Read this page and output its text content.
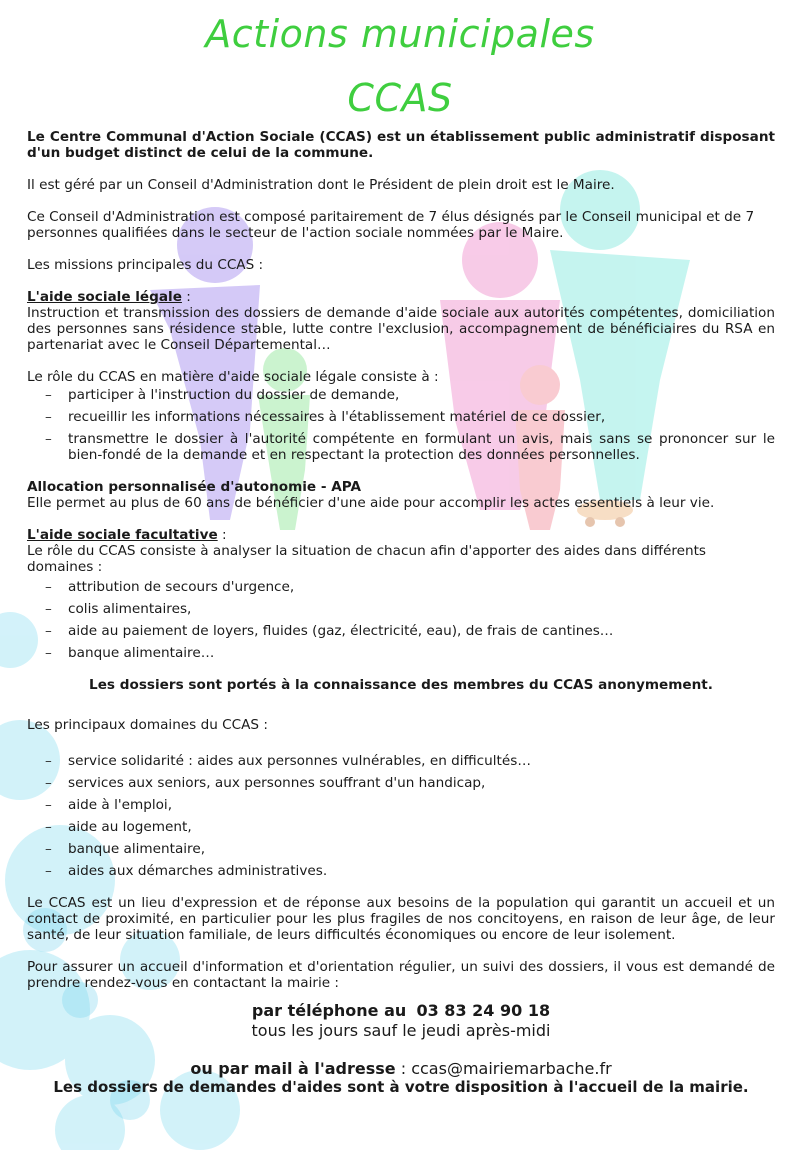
Actions municipales
CCAS

Le Centre Communal d'Action Sociale (CCAS) est un établissement public administratif disposant d'un budget distinct de celui de la commune.

Il est géré par un Conseil d'Administration dont le Président de plein droit est le Maire.

Ce Conseil d'Administration est composé paritairement de 7 élus désignés par le Conseil municipal et de 7 personnes qualifiées dans le secteur de l'action sociale nommées par le Maire.

Les missions principales du CCAS :

L'aide sociale légale :

Instruction et transmission des dossiers de demande d'aide sociale aux autorités compétentes, domiciliation des personnes sans résidence stable, lutte contre l'exclusion, accompagnement de bénéficiaires du RSA en partenariat avec le Conseil Départemental…

Le rôle du CCAS en matière d'aide sociale légale consiste à :
– participer à l'instruction du dossier de demande,
– recueillir les informations nécessaires à l'établissement matériel de ce dossier,
– transmettre le dossier à l'autorité compétente en formulant un avis, mais sans se prononcer sur le bien-fondé de la demande et en respectant la protection des données personnelles.
Allocation personnalisée d'autonomie - APA

Elle permet au plus de 60 ans de bénéficier d'une aide pour accomplir les actes essentiels à leur vie.

L'aide sociale facultative :
Le rôle du CCAS consiste à analyser la situation de chacun afin d'apporter des aides dans différents domaines :
– attribution de secours d'urgence,
– colis alimentaires,
– aide au paiement de loyers, fluides (gaz, électricité, eau), de frais de cantines…
– banque alimentaire…

Les dossiers sont portés à la connaissance des membres du CCAS anonymement.

Les principaux domaines du CCAS :
– service solidarité : aides aux personnes vulnérables, en difficultés…
– services aux seniors, aux personnes souffrant d'un handicap,
– aide à l'emploi,
– aide au logement,
– banque alimentaire,
– aides aux démarches administratives.

Le CCAS est un lieu d'expression et de réponse aux besoins de la population qui garantit un accueil et un contact de proximité, en particulier pour les plus fragiles de nos concitoyens, en raison de leur âge, de leur santé, de leur situation familiale, de leurs difficultés économiques ou encore de leur isolement.

Pour assurer un accueil d'information et d'orientation régulier, un suivi des dossiers, il vous est demandé de prendre rendez-vous en contactant la mairie :

par téléphone au 03 83 24 90 18
tous les jours sauf le jeudi après-midi
ou par mail à l'adresse : ccas@mairiemarbache.fr
Les dossiers de demandes d'aides sont à votre disposition à l'accueil de la mairie.
